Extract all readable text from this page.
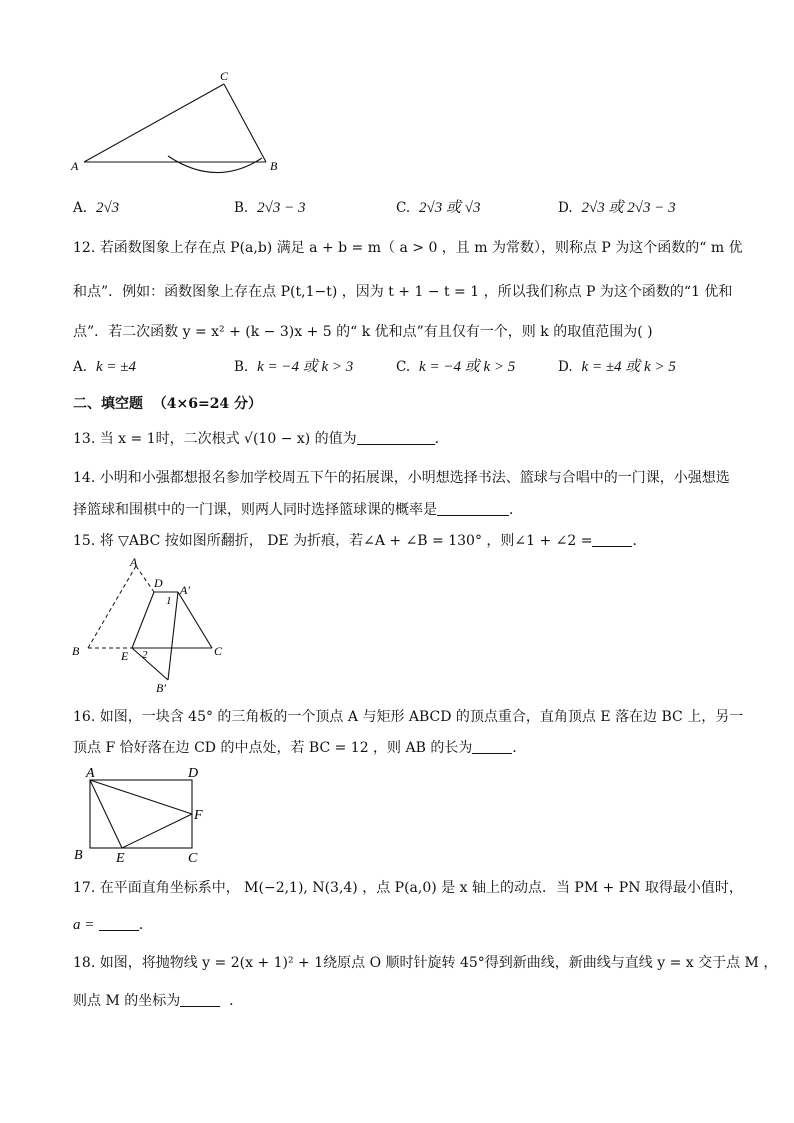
C
A	B
A. 2√3	B. 2√3 − 3	C. 2√3 或 √3	D. 2√3 或 2√3 − 3
12. 若函数图象上存在点 P(a,b) 满足 a + b = m（ a > 0 ，且 m 为常数），则称点 P 为这个函数的“ m 优
和点”．例如：函数图象上存在点 P(t,1−t) ，因为 t + 1 − t = 1 ，所以我们称点 P 为这个函数的“1 优和
点”．若二次函数 y = x² + (k − 3)x + 5 的“ k 优和点”有且仅有一个，则 k 的取值范围为( )
A. k = ±4	B. k = −4 或 k > 3	C. k = −4 或 k > 5	D. k = ±4 或 k > 5
二、填空题 （4×6=24 分）
13. 当 x = 1时，二次根式 √(10 − x) 的值为	．
14. 小明和小强都想报名参加学校周五下午的拓展课，小明想选择书法、篮球与合唱中的一门课，小强想选
择篮球和围棋中的一门课，则两人同时选择篮球课的概率是	．
15. 将 ▽ABC 按如图所翻折， DE 为折痕，若∠A + ∠B = 130° ，则∠1 + ∠2 =	．
A
D A′
1
B	E 2	C
B′
16. 如图，一块含 45° 的三角板的一个顶点 A 与矩形 ABCD 的顶点重合，直角顶点 E 落在边 BC 上，另一
顶点 F 恰好落在边 CD 的中点处，若 BC = 12 ，则 AB 的长为	．
A	D
F
B E	C
17. 在平面直角坐标系中， M(−2,1), N(3,4) ，点 P(a,0) 是 x 轴上的动点．当 PM + PN 取得最小值时，
a =	．
18. 如图，将抛物线 y = 2(x + 1)² + 1绕原点 O 顺时针旋转 45°得到新曲线，新曲线与直线 y = x 交于点 M ，
则点 M 的坐标为	．
